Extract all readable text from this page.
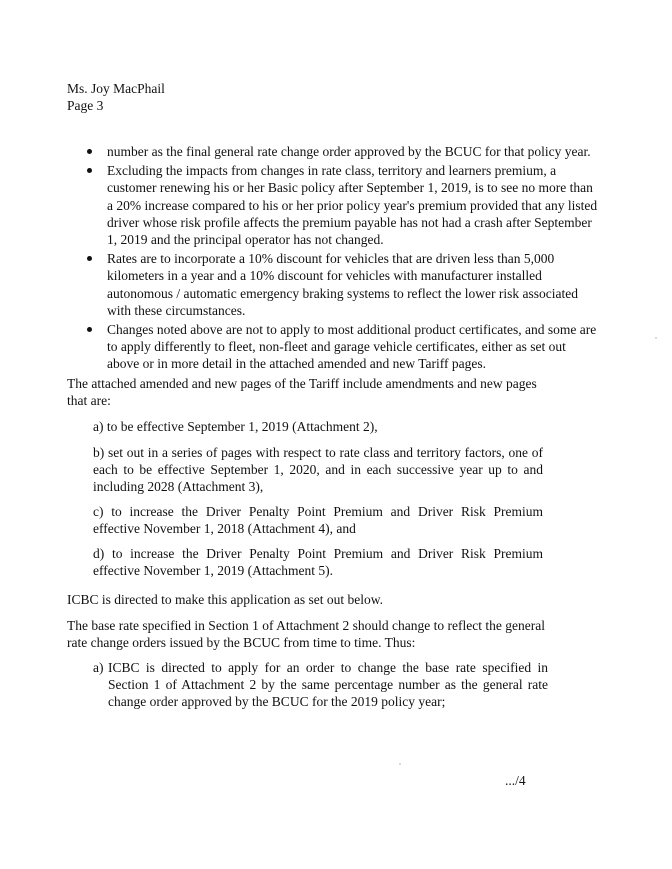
Ms. Joy MacPhail
Page 3
number as the final general rate change order approved by the BCUC for that policy year.
Excluding the impacts from changes in rate class, territory and learners premium, a customer renewing his or her Basic policy after September 1, 2019, is to see no more than a 20% increase compared to his or her prior policy year's premium provided that any listed driver whose risk profile affects the premium payable has not had a crash after September 1, 2019 and the principal operator has not changed.
Rates are to incorporate a 10% discount for vehicles that are driven less than 5,000 kilometers in a year and a 10% discount for vehicles with manufacturer installed autonomous / automatic emergency braking systems to reflect the lower risk associated with these circumstances.
Changes noted above are not to apply to most additional product certificates, and some are to apply differently to fleet, non-fleet and garage vehicle certificates, either as set out above or in more detail in the attached amended and new Tariff pages.
The attached amended and new pages of the Tariff include amendments and new pages that are:
a) to be effective September 1, 2019 (Attachment 2),
b) set out in a series of pages with respect to rate class and territory factors, one of each to be effective September 1, 2020, and in each successive year up to and including 2028 (Attachment 3),
c) to increase the Driver Penalty Point Premium and Driver Risk Premium effective November 1, 2018 (Attachment 4), and
d) to increase the Driver Penalty Point Premium and Driver Risk Premium effective November 1, 2019 (Attachment 5).
ICBC is directed to make this application as set out below.
The base rate specified in Section 1 of Attachment 2 should change to reflect the general rate change orders issued by the BCUC from time to time. Thus:
a) ICBC is directed to apply for an order to change the base rate specified in Section 1 of Attachment 2 by the same percentage number as the general rate change order approved by the BCUC for the 2019 policy year;
.../4
